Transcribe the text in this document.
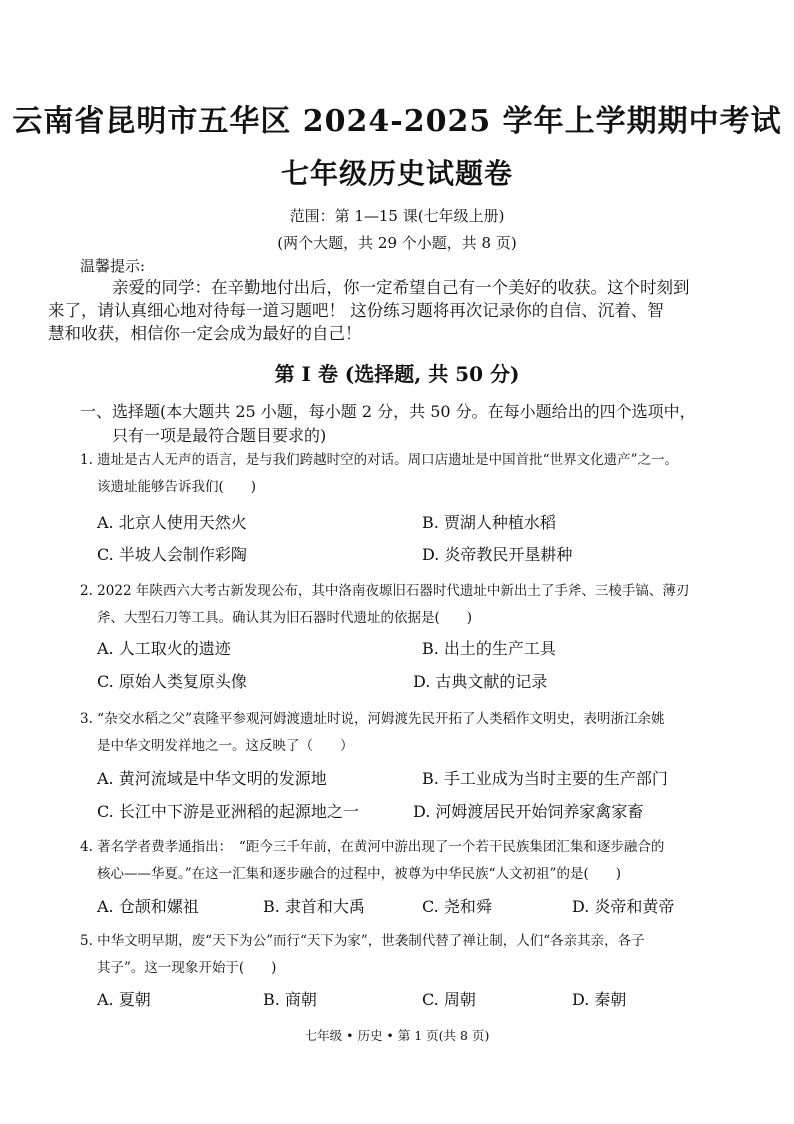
云南省昆明市五华区 2024-2025 学年上学期期中考试
七年级历史试题卷
范围：第 1—15 课(七年级上册)
(两个大题，共 29 个小题，共 8 页)
温馨提示:
亲爱的同学：在辛勤地付出后，你一定希望自己有一个美好的收获。这个时刻到
来了，请认真细心地对待每一道习题吧！ 这份练习题将再次记录你的自信、沉着、智
慧和收获，相信你一定会成为最好的自己！
第 I 卷 (选择题, 共 50 分)
一、选择题(本大题共 25 小题，每小题 2 分，共 50 分。在每小题给出的四个选项中，
只有一项是最符合题目要求的)
1. 遗址是古人无声的语言，是与我们跨越时空的对话。周口店遗址是中国首批“世界文化遗产”之一。
该遗址能够告诉我们(　　)
A. 北京人使用天然火	B. 贾湖人种植水稻
C. 半坡人会制作彩陶	D. 炎帝教民开垦耕种
2. 2022 年陕西六大考古新发现公布，其中洛南夜塬旧石器时代遗址中新出土了手斧、三棱手镐、薄刃
斧、大型石刀等工具。确认其为旧石器时代遗址的依据是(　　)
A. 人工取火的遗迹	B. 出土的生产工具
C. 原始人类复原头像	D. 古典文献的记录
3. “杂交水稻之父”袁隆平参观河姆渡遗址时说，河姆渡先民开拓了人类稻作文明史，表明浙江余姚
是中华文明发祥地之一。这反映了（　　）
A. 黄河流域是中华文明的发源地	B. 手工业成为当时主要的生产部门
C. 长江中下游是亚洲稻的起源地之一	D. 河姆渡居民开始饲养家禽家畜
4. 著名学者费孝通指出：　“距今三千年前，在黄河中游出现了一个若干民族集团汇集和逐步融合的
核心——华夏。”在这一汇集和逐步融合的过程中，被尊为中华民族“人文初祖”的是(　　)
A. 仓颉和嫘祖	B. 隶首和大禹	C. 尧和舜	D. 炎帝和黄帝
5. 中华文明早期，废“天下为公”而行“天下为家”，世袭制代替了禅让制，人们“各亲其亲，各子
其子”。这一现象开始于(　　)
A. 夏朝	B. 商朝	C. 周朝	D. 秦朝
七年级 • 历史 • 第 1 页(共 8 页)
